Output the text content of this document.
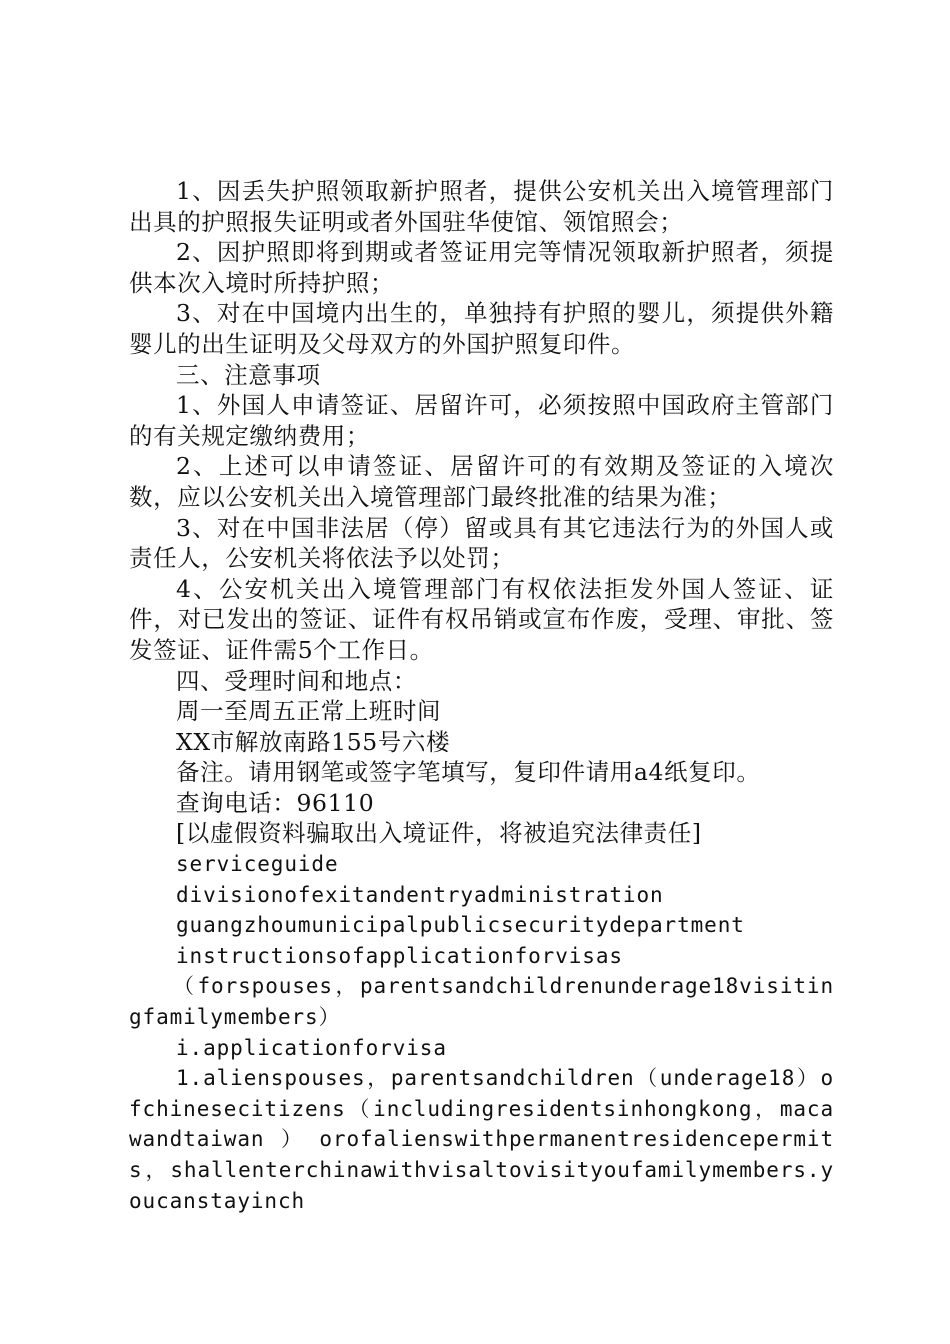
1、因丢失护照领取新护照者，提供公安机关出入境管理部门出具的护照报失证明或者外国驻华使馆、领馆照会；

2、因护照即将到期或者签证用完等情况领取新护照者，须提供本次入境时所持护照；

3、对在中国境内出生的，单独持有护照的婴儿，须提供外籍婴儿的出生证明及父母双方的外国护照复印件。

三、注意事项

1、外国人申请签证、居留许可，必须按照中国政府主管部门的有关规定缴纳费用；

2、上述可以申请签证、居留许可的有效期及签证的入境次数，应以公安机关出入境管理部门最终批准的结果为准；

3、对在中国非法居（停）留或具有其它违法行为的外国人或责任人，公安机关将依法予以处罚；

4、公安机关出入境管理部门有权依法拒发外国人签证、证件，对已发出的签证、证件有权吊销或宣布作废，受理、审批、签发签证、证件需5个工作日。

四、受理时间和地点：

周一至周五正常上班时间

XX市解放南路155号六楼

备注。请用钢笔或签字笔填写，复印件请用a4纸复印。

查询电话：96110

[以虚假资料骗取出入境证件，将被追究法律责任]

serviceguide

divisionofexitandentryadministration

guangzhoumunicipalpublicsecuritydepartment

instructionsofapplicationforvisas

（forspouses，parentsandchildrenunderage18visitingfamilymembers）

i.applicationforvisa

1.alienspouses，parentsandchildren（underage18）ofchinesecitizens（includingresidentsinhongkong，macawandtaiwan）orofalienswithpermanentresidencepermits，shallenterchinawithvisaltovisityoufamilymembers.youcanstayinch
